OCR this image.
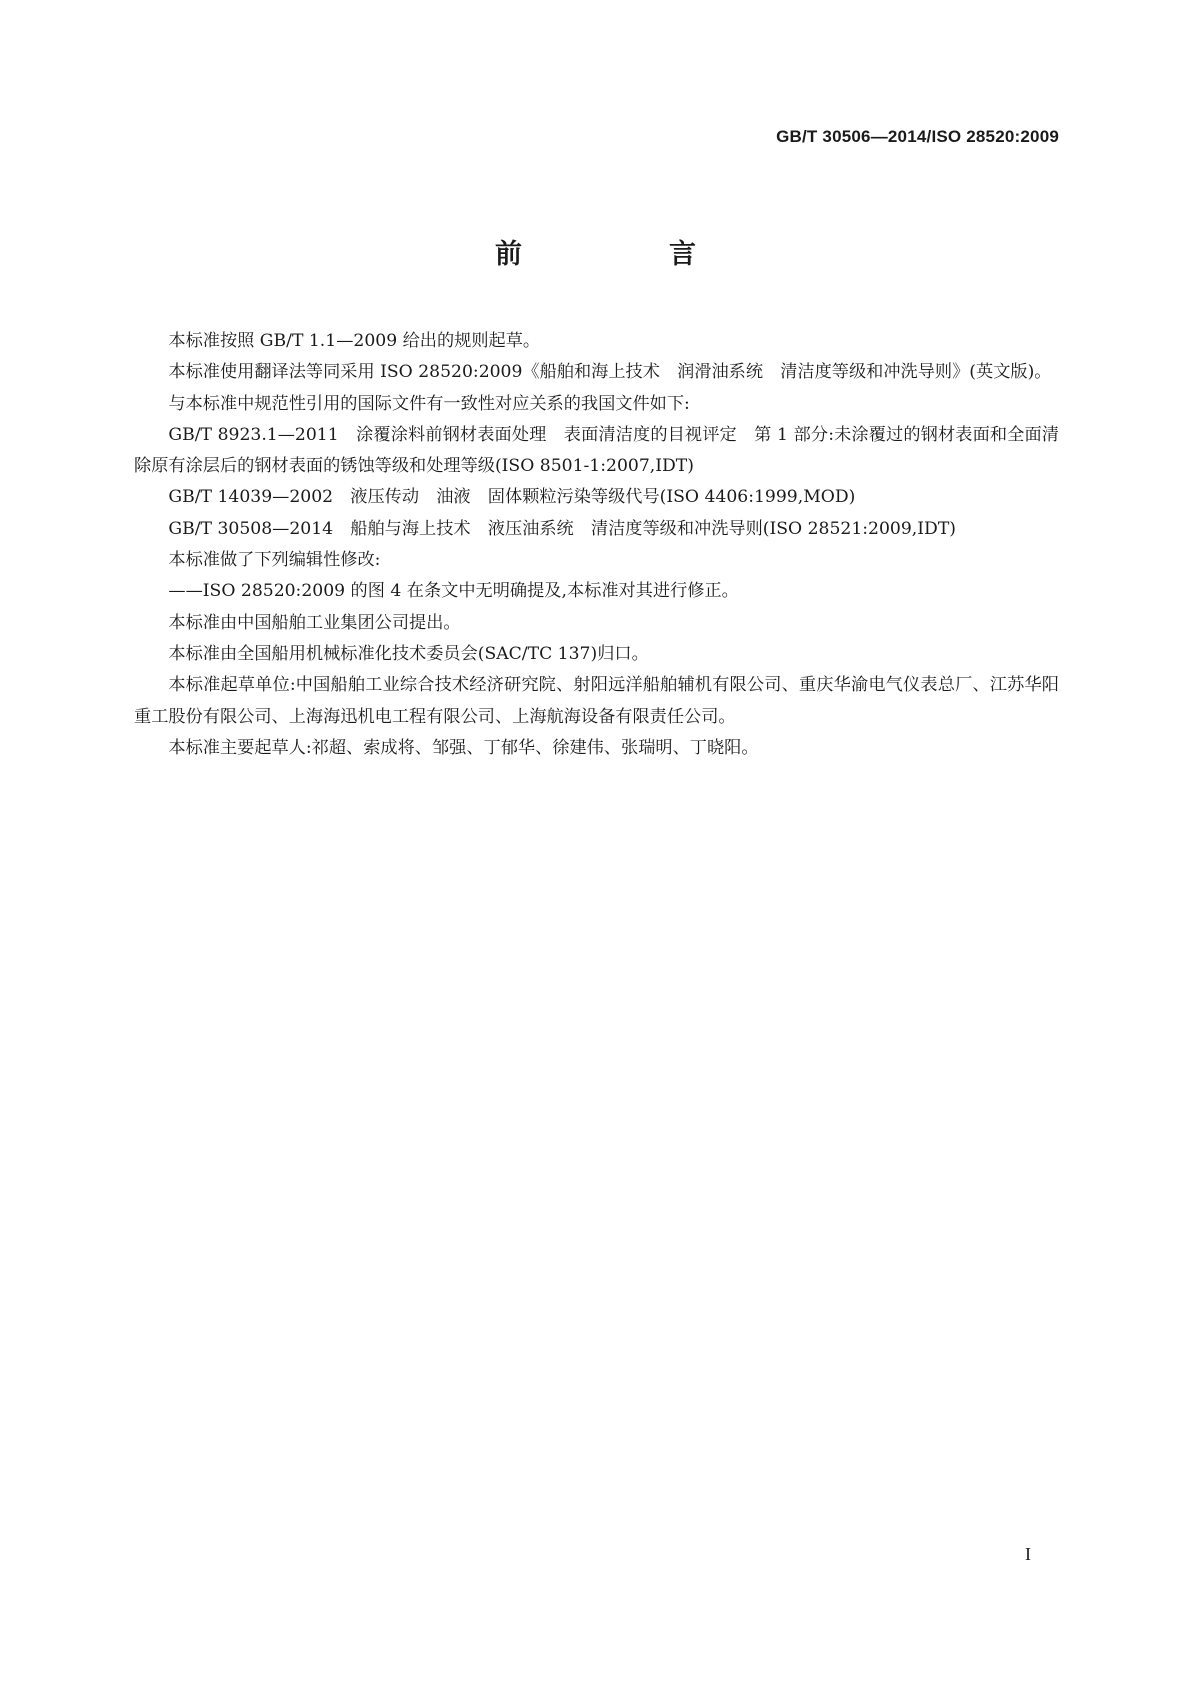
GB/T 30506—2014/ISO 28520:2009
前　言

本标准按照 GB/T 1.1—2009 给出的规则起草。

本标准使用翻译法等同采用 ISO 28520:2009《船舶和海上技术　润滑油系统　清洁度等级和冲洗导则》(英文版)。

与本标准中规范性引用的国际文件有一致性对应关系的我国文件如下:

GB/T 8923.1—2011　涂覆涂料前钢材表面处理　表面清洁度的目视评定　第 1 部分:未涂覆过的钢材表面和全面清除原有涂层后的钢材表面的锈蚀等级和处理等级(ISO 8501-1:2007,IDT)

GB/T 14039—2002　液压传动　油液　固体颗粒污染等级代号(ISO 4406:1999,MOD)

GB/T 30508—2014　船舶与海上技术　液压油系统　清洁度等级和冲洗导则(ISO 28521:2009,IDT)

本标准做了下列编辑性修改:

——ISO 28520:2009 的图 4 在条文中无明确提及,本标准对其进行修正。

本标准由中国船舶工业集团公司提出。

本标准由全国船用机械标准化技术委员会(SAC/TC 137)归口。

本标准起草单位:中国船舶工业综合技术经济研究院、射阳远洋船舶辅机有限公司、重庆华渝电气仪表总厂、江苏华阳重工股份有限公司、上海海迅机电工程有限公司、上海航海设备有限责任公司。

本标准主要起草人:祁超、索成将、邹强、丁郁华、徐建伟、张瑞明、丁晓阳。

I
